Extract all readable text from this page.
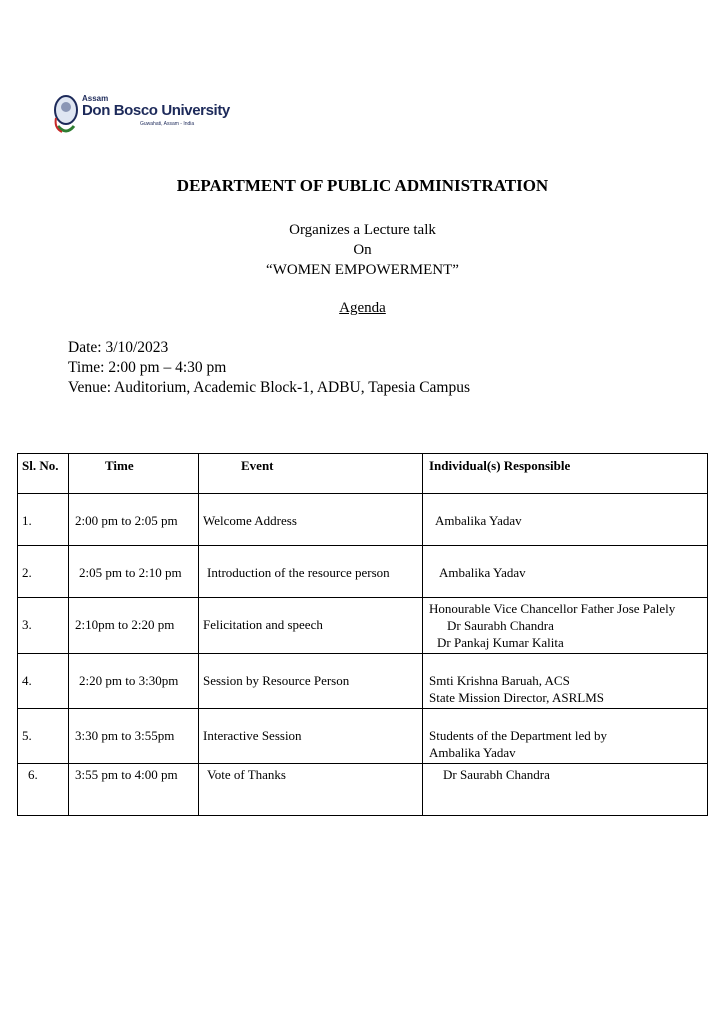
Assam
Don Bosco University
Guwahati, Assam - India
DEPARTMENT OF PUBLIC ADMINISTRATION
Organizes a Lecture talk
On
“WOMEN EMPOWERMENT”
Agenda
Date: 3/10/2023
Time: 2:00 pm – 4:30 pm
Venue: Auditorium, Academic Block-1, ADBU, Tapesia Campus
Sl. No.	Time	Event	Individual(s) Responsible
1.	2:00 pm to 2:05 pm	Welcome Address	Ambalika Yadav
2.	2:05 pm to 2:10 pm	Introduction of the resource person	Ambalika Yadav
3.	2:10pm to 2:20 pm	Felicitation and speech	Honourable Vice Chancellor Father Jose Palely
Dr Saurabh Chandra
Dr Pankaj Kumar Kalita

4.	2:20 pm to 3:30pm	Session by Resource Person	Smti Krishna Baruah, ACS
State Mission Director, ASRLMS

5.	3:30 pm to 3:55pm	Interactive Session	Students of the Department led by
Ambalika Yadav

6.	3:55 pm to 4:00 pm	Vote of Thanks	Dr Saurabh Chandra
